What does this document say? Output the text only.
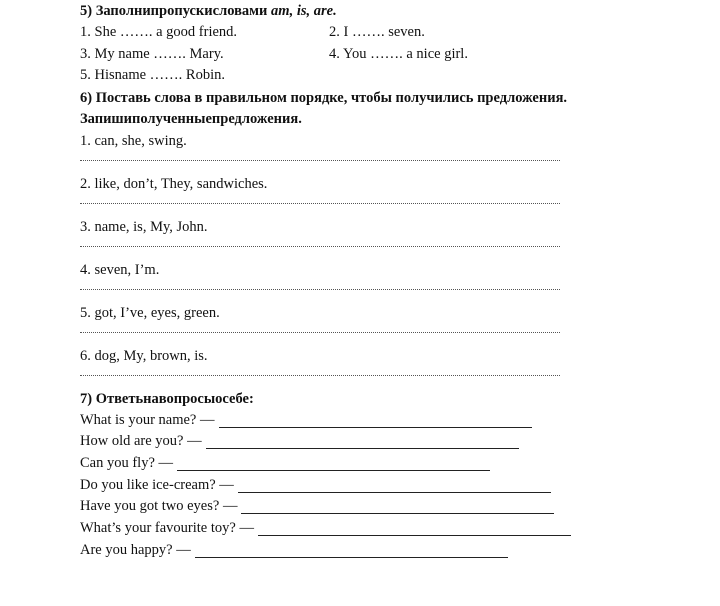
5) Заполнипропускисловами am, is, are.
1. She ……. a good friend.	2. I ……. seven.
3. My name ……. Mary.	4. You ……. a nice girl.
5. Hisname ……. Robin.
6) Поставь слова в правильном порядке, чтобы получились предложения.
Запишиполученныепредложения.
1. can, she, swing.
2. like, don’t, They, sandwiches.
3. name, is, My, John.
4. seven, I’m.
5. got, I’ve, eyes, green.
6. dog, My, brown, is.
7) Ответьнавопросыосебе:
What is your name? —
How old are you? —
Can you fly? —
Do you like ice-cream? —
Have you got two eyes? —
What’s your favourite toy? —
Are you happy? —
